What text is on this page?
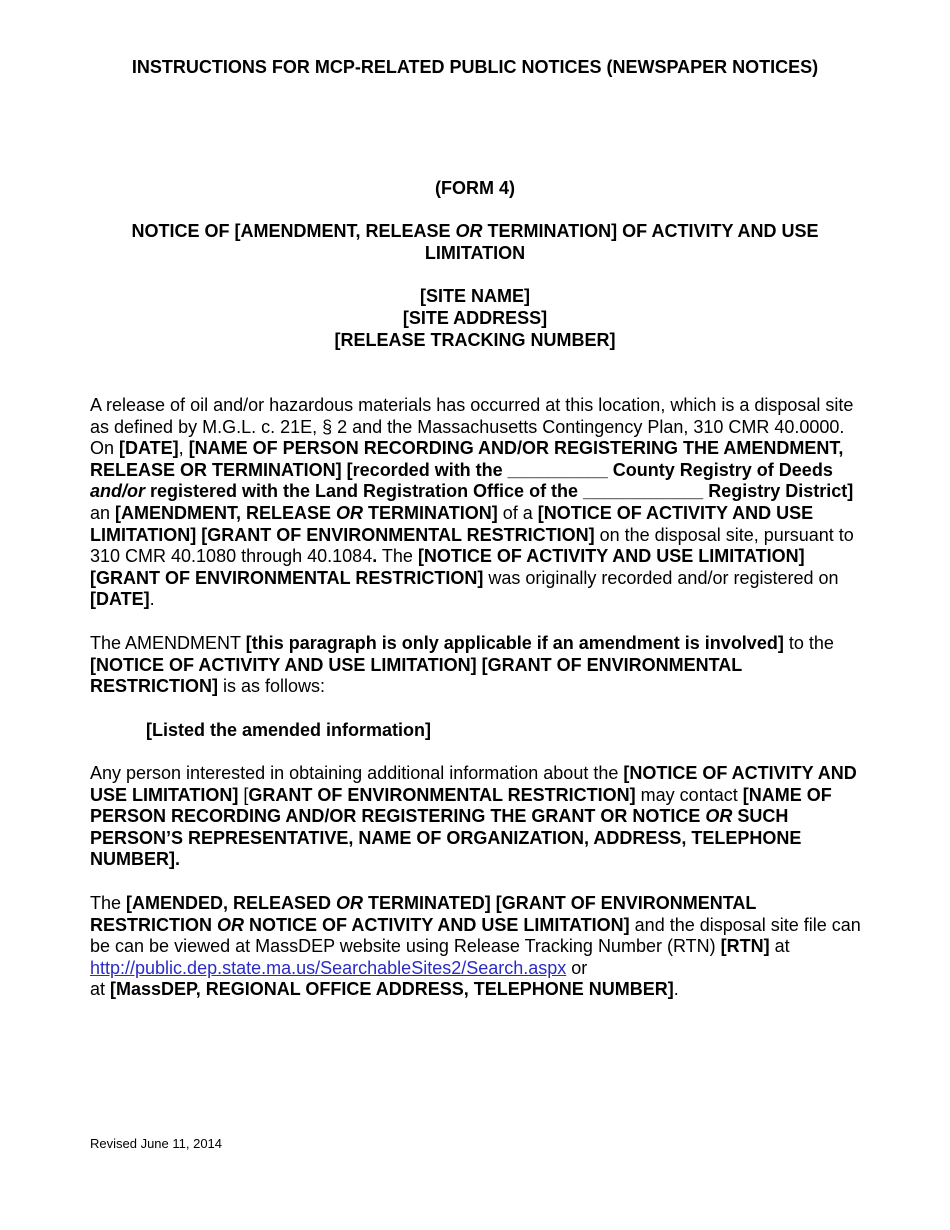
INSTRUCTIONS FOR MCP-RELATED PUBLIC NOTICES (NEWSPAPER NOTICES)
(FORM 4)
NOTICE OF [AMENDMENT, RELEASE OR TERMINATION] OF ACTIVITY AND USE LIMITATION
[SITE NAME]
[SITE ADDRESS]
[RELEASE TRACKING NUMBER]
A release of oil and/or hazardous materials has occurred at this location, which is a disposal site as defined by M.G.L. c. 21E, § 2 and the Massachusetts Contingency Plan, 310 CMR 40.0000. On [DATE], [NAME OF PERSON RECORDING AND/OR REGISTERING THE AMENDMENT, RELEASE OR TERMINATION] [recorded with the __________ County Registry of Deeds and/or registered with the Land Registration Office of the ____________ Registry District] an [AMENDMENT, RELEASE OR TERMINATION] of a [NOTICE OF ACTIVITY AND USE LIMITATION] [GRANT OF ENVIRONMENTAL RESTRICTION] on the disposal site, pursuant to 310 CMR 40.1080 through 40.1084. The [NOTICE OF ACTIVITY AND USE LIMITATION] [GRANT OF ENVIRONMENTAL RESTRICTION] was originally recorded and/or registered on [DATE].
The AMENDMENT [this paragraph is only applicable if an amendment is involved] to the [NOTICE OF ACTIVITY AND USE LIMITATION] [GRANT OF ENVIRONMENTAL RESTRICTION] is as follows:
[Listed the amended information]
Any person interested in obtaining additional information about the [NOTICE OF ACTIVITY AND USE LIMITATION] [GRANT OF ENVIRONMENTAL RESTRICTION] may contact [NAME OF PERSON RECORDING AND/OR REGISTERING THE GRANT OR NOTICE OR SUCH PERSON’S REPRESENTATIVE, NAME OF ORGANIZATION, ADDRESS, TELEPHONE NUMBER].
The [AMENDED, RELEASED OR TERMINATED] [GRANT OF ENVIRONMENTAL RESTRICTION OR NOTICE OF ACTIVITY AND USE LIMITATION] and the disposal site file can be can be viewed at MassDEP website using Release Tracking Number (RTN) [RTN] at
http://public.dep.state.ma.us/SearchableSites2/Search.aspx or
at [MassDEP, REGIONAL OFFICE ADDRESS, TELEPHONE NUMBER].
Revised June 11, 2014
